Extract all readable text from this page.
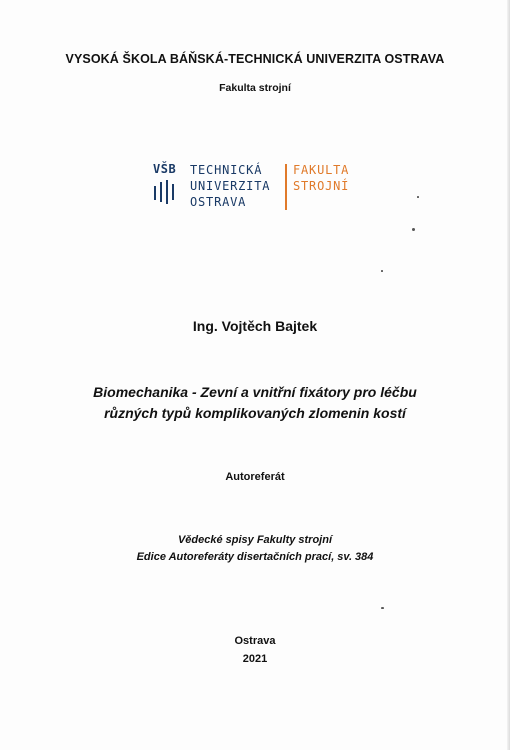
VYSOKÁ ŠKOLA BÁŇSKÁ-TECHNICKÁ UNIVERZITA OSTRAVA
Fakulta strojní
VŠB TECHNICKÁ
UNIVERZITA
OSTRAVA
FAKULTA
STROJNÍ
Ing. Vojtěch Bajtek
Biomechanika - Zevní a vnitřní fixátory pro léčbu
různých typů komplikovaných zlomenin kostí
Autoreferát
Vědecké spisy Fakulty strojní
Edice Autoreferáty disertačních prací, sv. 384
Ostrava
2021
